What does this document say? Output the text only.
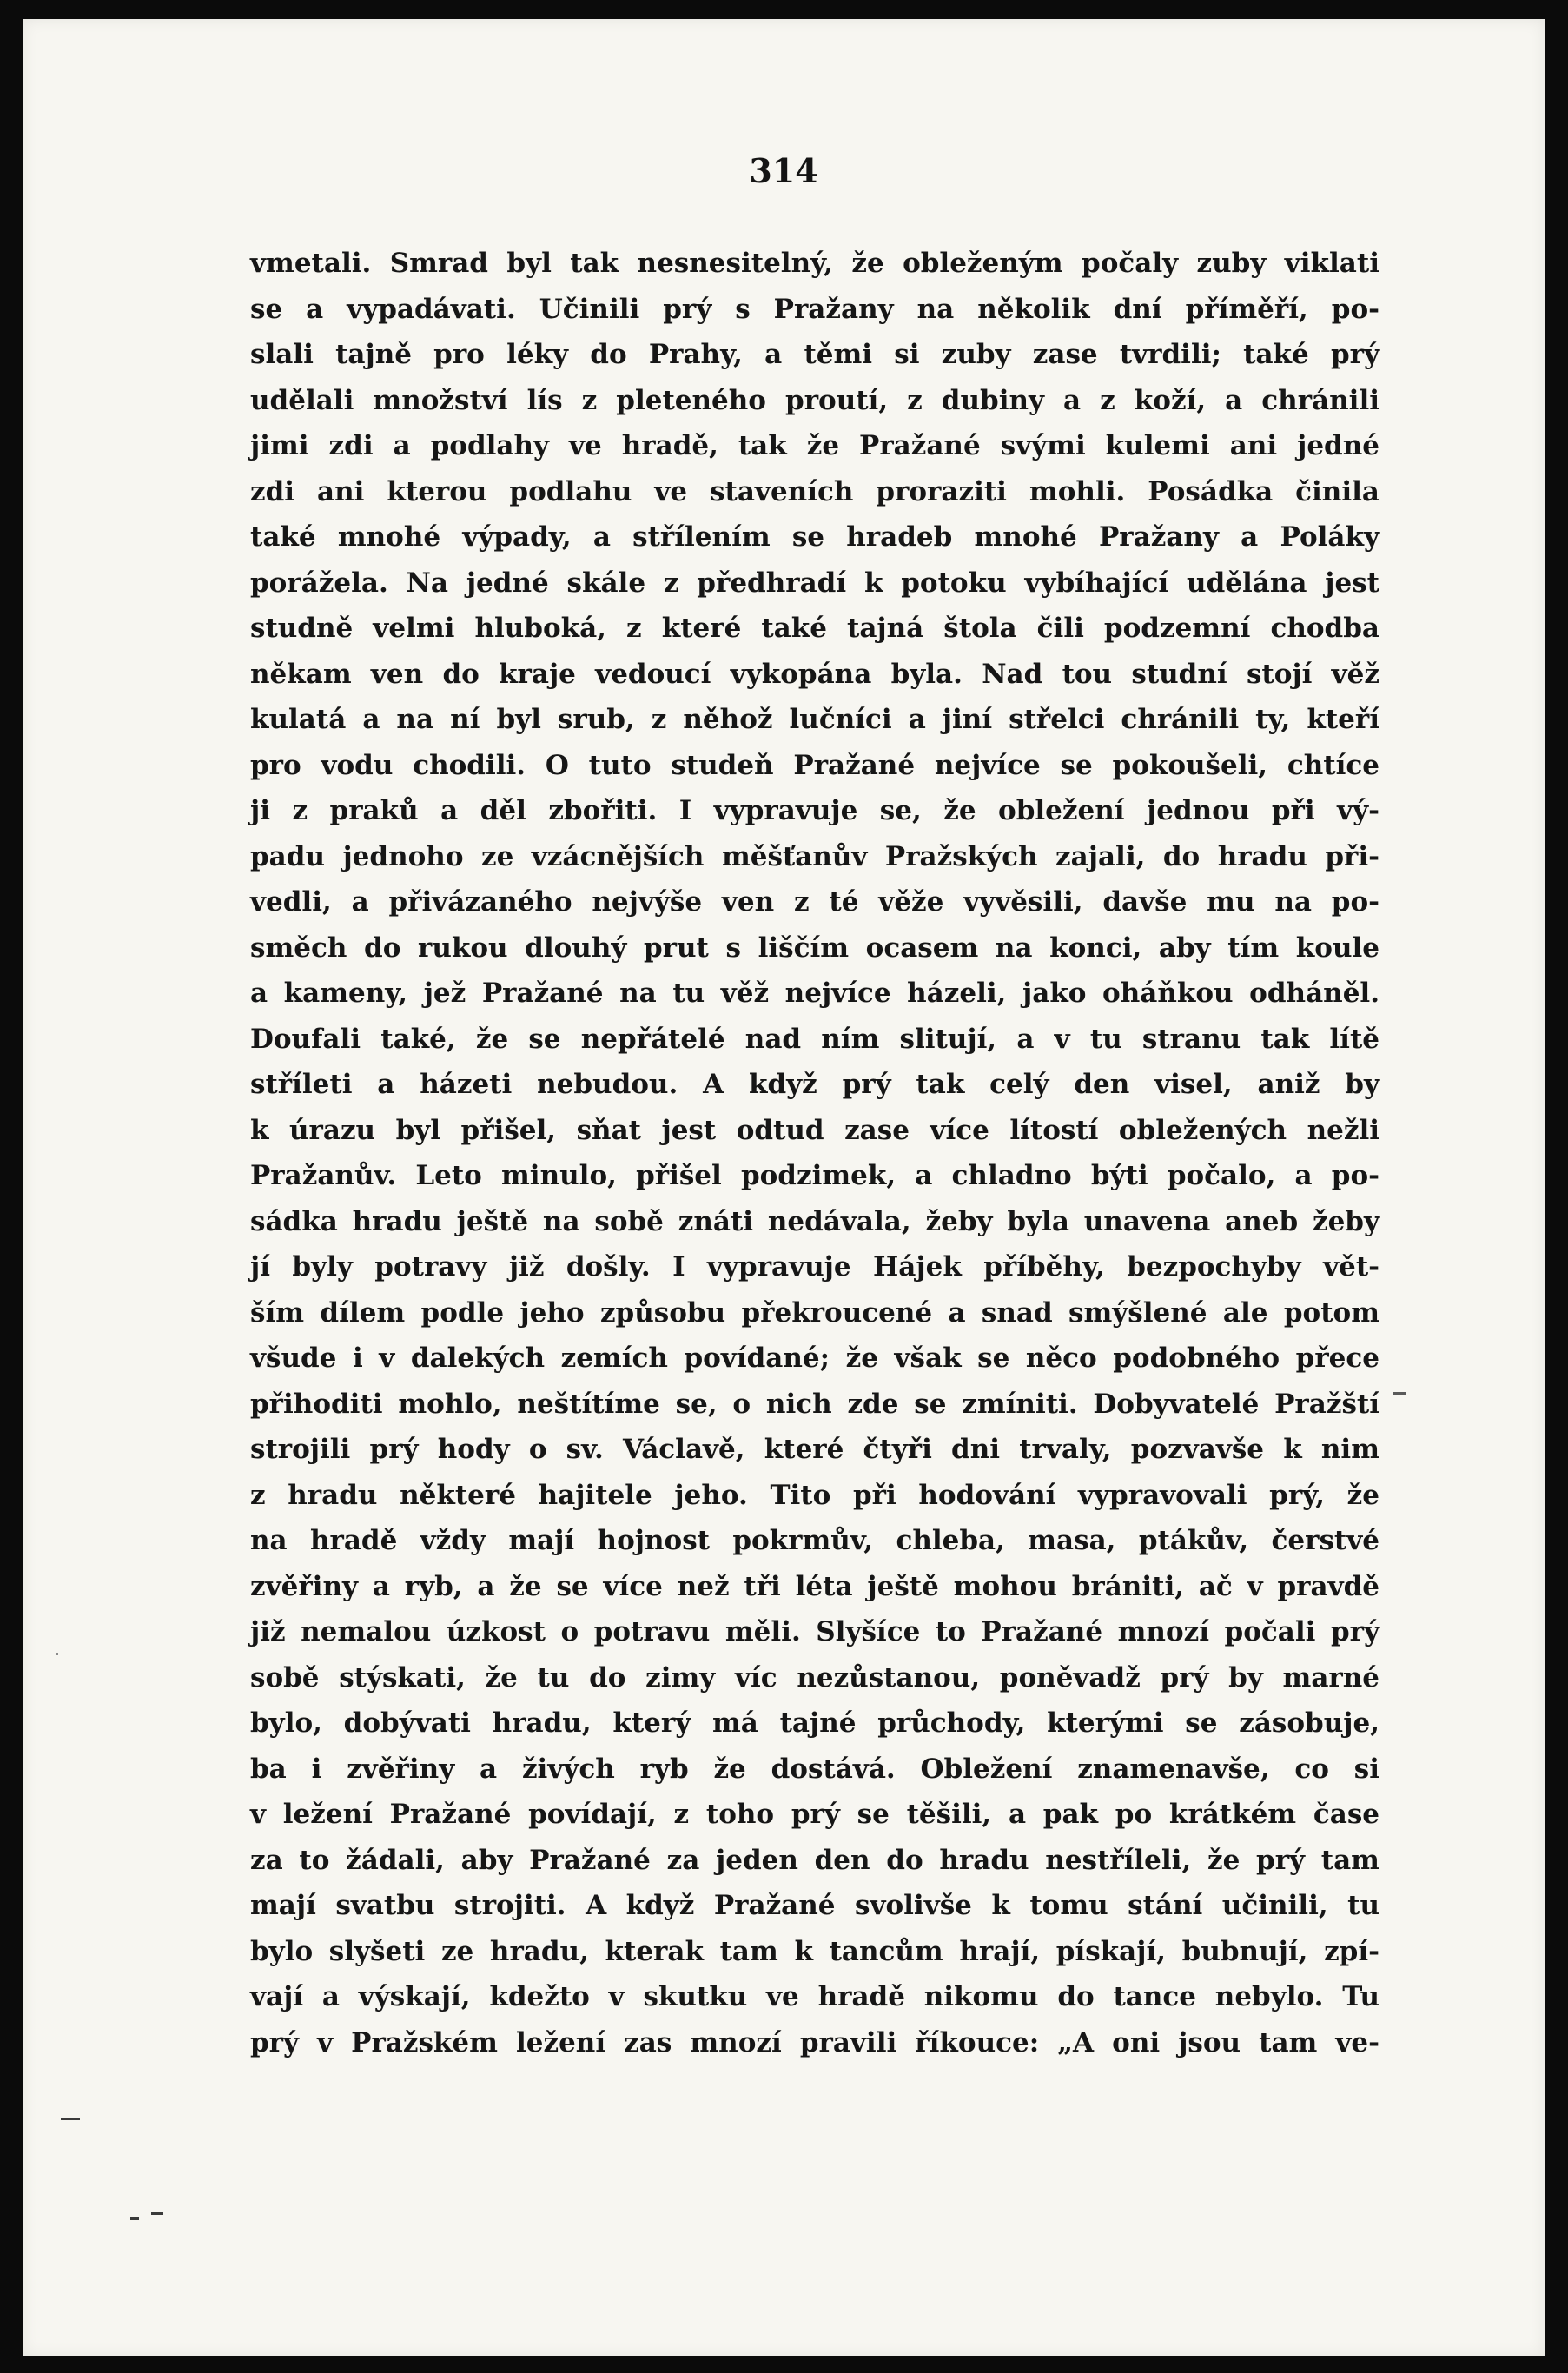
314
vmetali. Smrad byl tak nesnesitelný, že obleženým počaly zuby viklati
se a vypadávati. Učinili prý s Pražany na několik dní příměří, po-
slali tajně pro léky do Prahy, a těmi si zuby zase tvrdili; také prý
udělali množství lís z pleteného proutí, z dubiny a z koží, a chránili
jimi zdi a podlahy ve hradě, tak že Pražané svými kulemi ani jedné
zdi ani kterou podlahu ve staveních proraziti mohli. Posádka činila
také mnohé výpady, a střílením se hradeb mnohé Pražany a Poláky
porážela. Na jedné skále z předhradí k potoku vybíhající udělána jest
studně velmi hluboká, z které také tajná štola čili podzemní chodba
někam ven do kraje vedoucí vykopána byla. Nad tou studní stojí věž
kulatá a na ní byl srub, z něhož lučníci a jiní střelci chránili ty, kteří
pro vodu chodili. O tuto studeň Pražané nejvíce se pokoušeli, chtíce
ji z praků a děl zbořiti. I vypravuje se, že obležení jednou při vý-
padu jednoho ze vzácnějších měšťanův Pražských zajali, do hradu při-
vedli, a přivázaného nejvýše ven z té věže vyvěsili, davše mu na po-
směch do rukou dlouhý prut s liščím ocasem na konci, aby tím koule
a kameny, jež Pražané na tu věž nejvíce házeli, jako oháňkou odháněl.
Doufali také, že se nepřátelé nad ním slitují, a v tu stranu tak lítě
stříleti a házeti nebudou. A když prý tak celý den visel, aniž by
k úrazu byl přišel, sňat jest odtud zase více lítostí obležených nežli
Pražanův. Leto minulo, přišel podzimek, a chladno býti počalo, a po-
sádka hradu ještě na sobě znáti nedávala, žeby byla unavena aneb žeby
jí byly potravy již došly. I vypravuje Hájek příběhy, bezpochyby vět-
ším dílem podle jeho způsobu překroucené a snad smýšlené ale potom
všude i v dalekých zemích povídané; že však se něco podobného přece
přihoditi mohlo, neštítíme se, o nich zde se zmíniti. Dobyvatelé Pražští
strojili prý hody o sv. Václavě, které čtyři dni trvaly, pozvavše k nim
z hradu některé hajitele jeho. Tito při hodování vypravovali prý, že
na hradě vždy mají hojnost pokrmův, chleba, masa, ptákův, čerstvé
zvěřiny a ryb, a že se více než tři léta ještě mohou brániti, ač v pravdě
již nemalou úzkost o potravu měli. Slyšíce to Pražané mnozí počali prý
sobě stýskati, že tu do zimy víc nezůstanou, poněvadž prý by marné
bylo, dobývati hradu, který má tajné průchody, kterými se zásobuje,
ba i zvěřiny a živých ryb že dostává. Obležení znamenavše, co si
v ležení Pražané povídají, z toho prý se těšili, a pak po krátkém čase
za to žádali, aby Pražané za jeden den do hradu nestříleli, že prý tam
mají svatbu strojiti. A když Pražané svolivše k tomu stání učinili, tu
bylo slyšeti ze hradu, kterak tam k tancům hrají, pískají, bubnují, zpí-
vají a výskají, kdežto v skutku ve hradě nikomu do tance nebylo. Tu
prý v Pražském ležení zas mnozí pravili říkouce: „A oni jsou tam ve-
